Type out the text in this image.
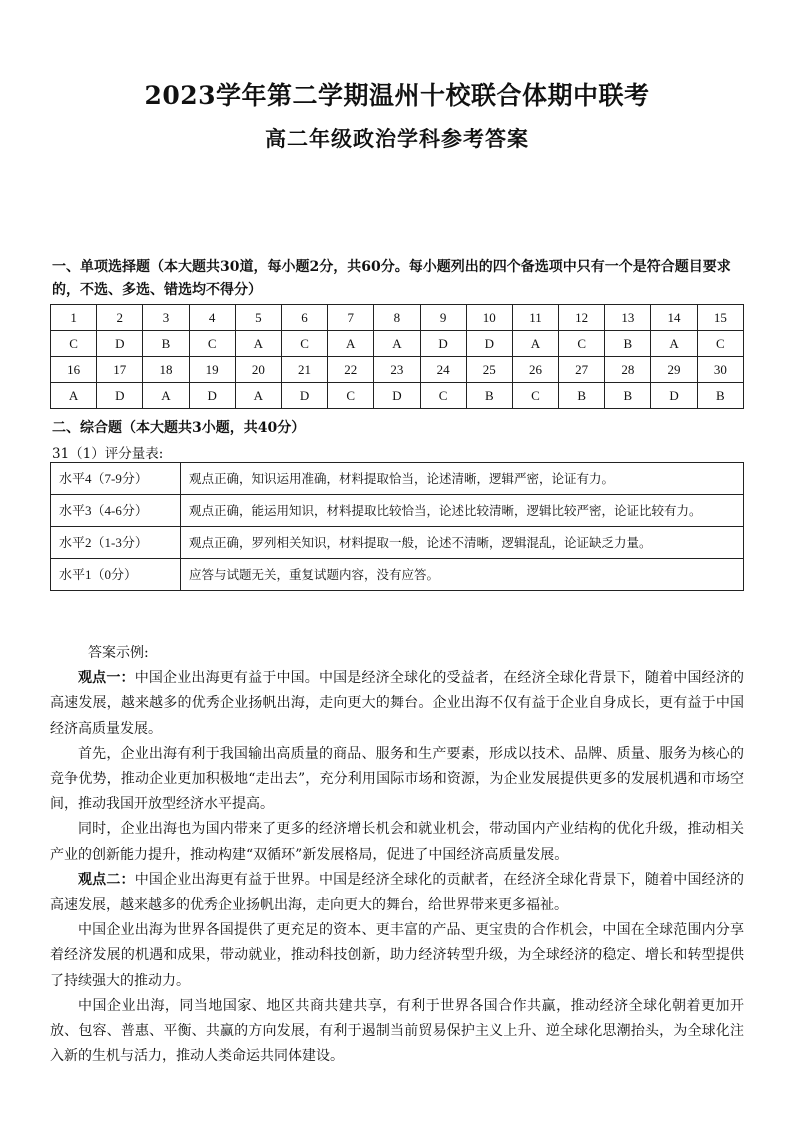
2023学年第二学期温州十校联合体期中联考
高二年级政治学科参考答案
一、单项选择题（本大题共30道，每小题2分，共60分。每小题列出的四个备选项中只有一个是符合题目要求的，不选、多选、错选均不得分）
1	2	3	4	5	6	7	8	9	10	11	12	13	14	15
C	D	B	C	A	C	A	A	D	D	A	C	B	A	C
16	17	18	19	20	21	22	23	24	25	26	27	28	29	30
A	D	A	D	A	D	C	D	C	B	C	B	B	D	B
二、综合题（本大题共3小题，共40分）
31（1）评分量表:
水平4（7-9分）	观点正确，知识运用准确，材料提取恰当，论述清晰，逻辑严密，论证有力。
水平3（4-6分）	观点正确，能运用知识，材料提取比较恰当，论述比较清晰，逻辑比较严密，论证比较有力。
水平2（1-3分）	观点正确，罗列相关知识，材料提取一般，论述不清晰，逻辑混乱，论证缺乏力量。
水平1（0分）	应答与试题无关，重复试题内容，没有应答。

答案示例:

观点一：中国企业出海更有益于中国。中国是经济全球化的受益者，在经济全球化背景下，随着中国经济的高速发展，越来越多的优秀企业扬帆出海，走向更大的舞台。企业出海不仅有益于企业自身成长，更有益于中国经济高质量发展。

首先，企业出海有利于我国输出高质量的商品、服务和生产要素，形成以技术、品牌、质量、服务为核心的竞争优势，推动企业更加积极地“走出去”，充分利用国际市场和资源，为企业发展提供更多的发展机遇和市场空间，推动我国开放型经济水平提高。

同时，企业出海也为国内带来了更多的经济增长机会和就业机会，带动国内产业结构的优化升级，推动相关产业的创新能力提升，推动构建“双循环”新发展格局，促进了中国经济高质量发展。

观点二：中国企业出海更有益于世界。中国是经济全球化的贡献者，在经济全球化背景下，随着中国经济的高速发展，越来越多的优秀企业扬帆出海，走向更大的舞台，给世界带来更多福祉。

中国企业出海为世界各国提供了更充足的资本、更丰富的产品、更宝贵的合作机会，中国在全球范围内分享着经济发展的机遇和成果，带动就业，推动科技创新，助力经济转型升级，为全球经济的稳定、增长和转型提供了持续强大的推动力。

中国企业出海，同当地国家、地区共商共建共享，有利于世界各国合作共赢，推动经济全球化朝着更加开放、包容、普惠、平衡、共赢的方向发展，有利于遏制当前贸易保护主义上升、逆全球化思潮抬头，为全球化注入新的生机与活力，推动人类命运共同体建设。
